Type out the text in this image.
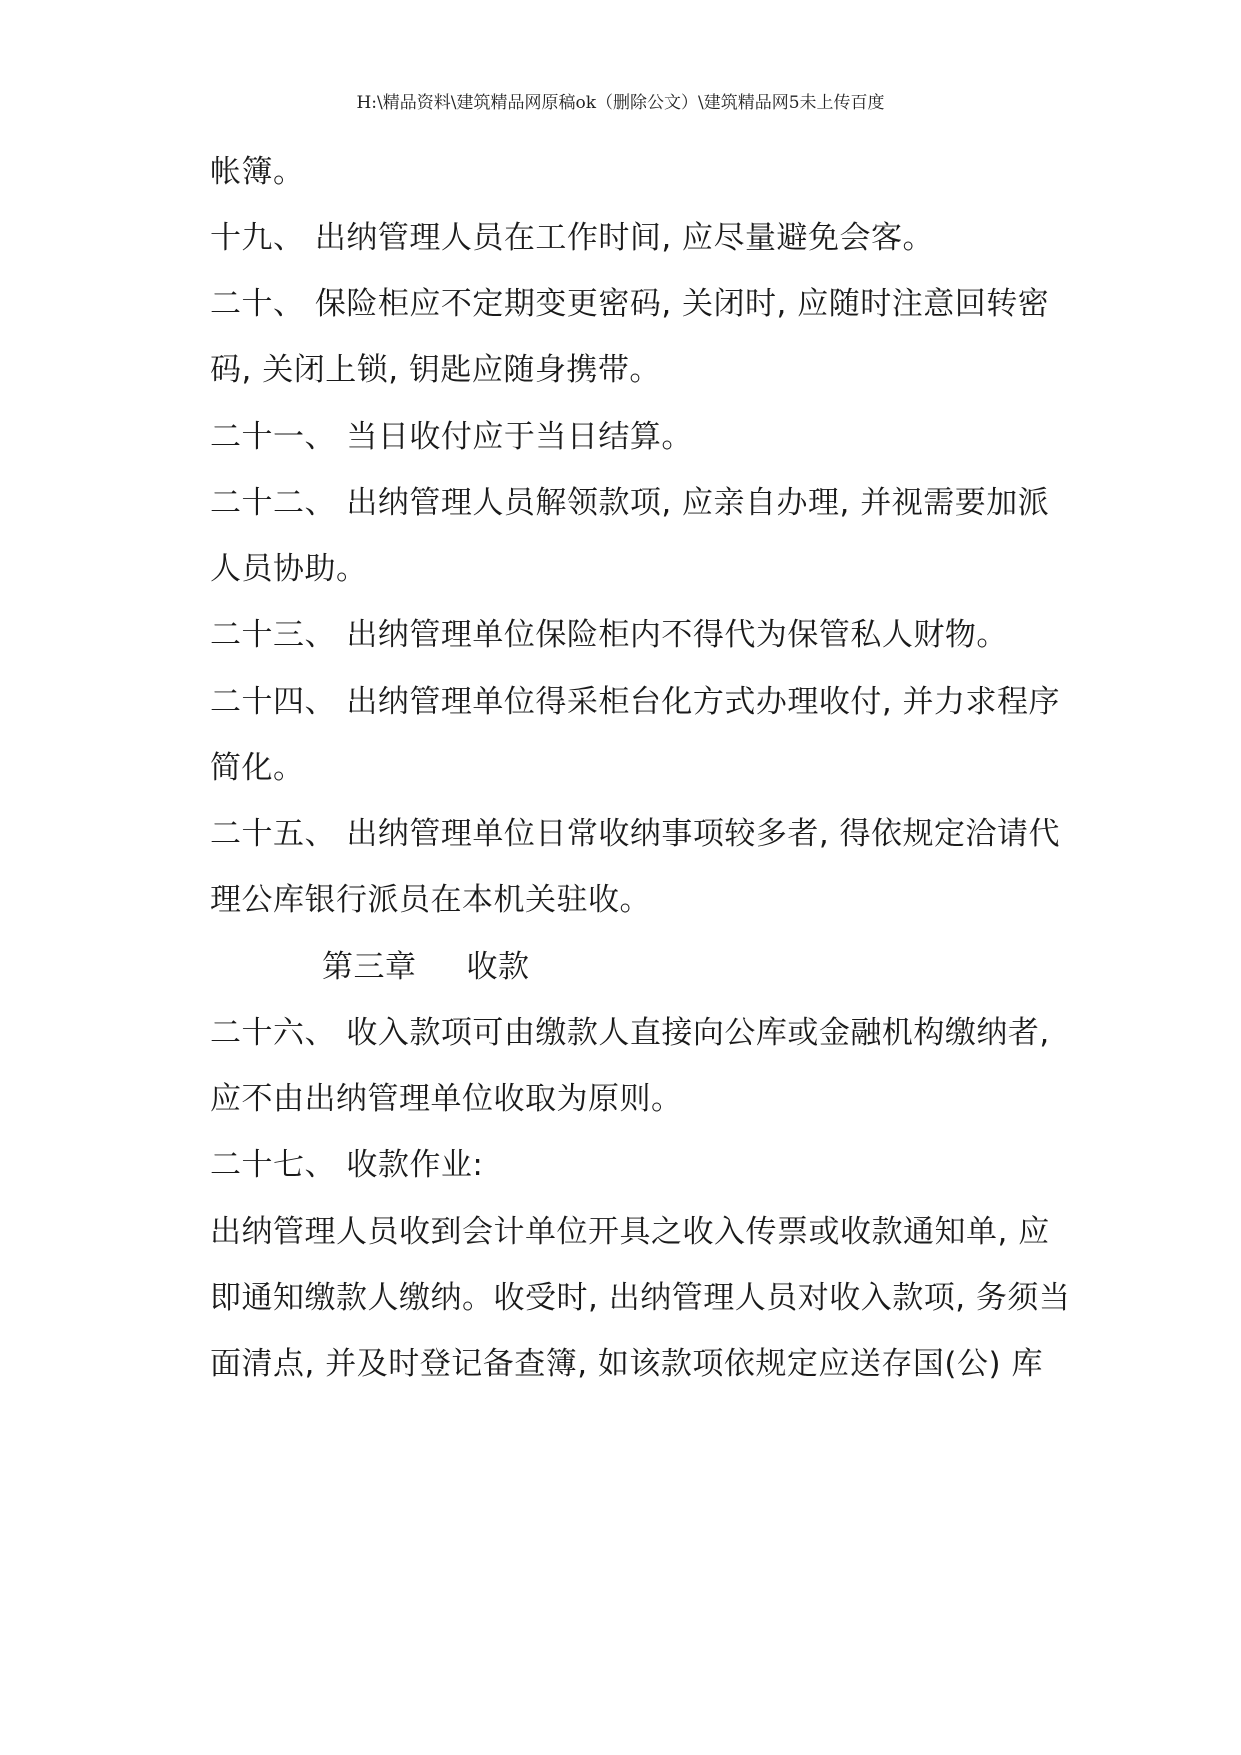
H:\精品资料\建筑精品网原稿ok（删除公文）\建筑精品网5未上传百度
帐簿。
十九、 出纳管理人员在工作时间, 应尽量避免会客。
二十、 保险柜应不定期变更密码, 关闭时, 应随时注意回转密
码, 关闭上锁, 钥匙应随身携带。
二十一、 当日收付应于当日结算。
二十二、 出纳管理人员解领款项, 应亲自办理, 并视需要加派
人员协助。
二十三、 出纳管理单位保险柜内不得代为保管私人财物。
二十四、 出纳管理单位得采柜台化方式办理收付, 并力求程序
简化。
二十五、 出纳管理单位日常收纳事项较多者, 得依规定洽请代
理公库银行派员在本机关驻收。
第三章 收款
二十六、 收入款项可由缴款人直接向公库或金融机构缴纳者,
应不由出纳管理单位收取为原则。
二十七、 收款作业:
出纳管理人员收到会计单位开具之收入传票或收款通知单, 应
即通知缴款人缴纳。收受时, 出纳管理人员对收入款项, 务须当
面清点, 并及时登记备查簿, 如该款项依规定应送存国(公) 库
